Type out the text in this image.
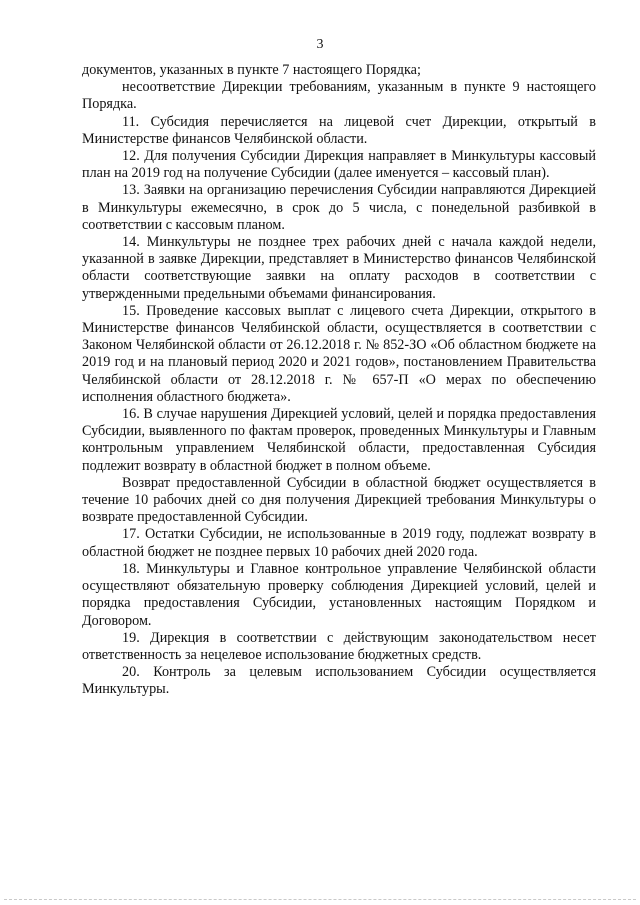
3

документов, указанных в пункте 7 настоящего Порядка;

несоответствие Дирекции требованиям, указанным в пункте 9 настоящего Порядка.

11. Субсидия перечисляется на лицевой счет Дирекции, открытый в Министерстве финансов Челябинской области.

12. Для получения Субсидии Дирекция направляет в Минкультуры кассовый план на 2019 год на получение Субсидии (далее именуется – кассовый план).

13. Заявки на организацию перечисления Субсидии направляются Дирекцией в Минкультуры ежемесячно, в срок до 5 числа, с понедельной разбивкой в соответствии с кассовым планом.

14. Минкультуры не позднее трех рабочих дней с начала каждой недели, указанной в заявке Дирекции, представляет в Министерство финансов Челябинской области соответствующие заявки на оплату расходов в соответствии с утвержденными предельными объемами финансирования.

15. Проведение кассовых выплат с лицевого счета Дирекции, открытого в Министерстве финансов Челябинской области, осуществляется в соответствии с Законом Челябинской области от 26.12.2018 г. № 852-ЗО «Об областном бюджете на 2019 год и на плановый период 2020 и 2021 годов», постановлением Правительства Челябинской области от 28.12.2018 г. № 657-П «О мерах по обеспечению исполнения областного бюджета».

16. В случае нарушения Дирекцией условий, целей и порядка предоставления Субсидии, выявленного по фактам проверок, проведенных Минкультуры и Главным контрольным управлением Челябинской области, предоставленная Субсидия подлежит возврату в областной бюджет в полном объеме.

Возврат предоставленной Субсидии в областной бюджет осуществляется в течение 10 рабочих дней со дня получения Дирекцией требования Минкультуры о возврате предоставленной Субсидии.

17. Остатки Субсидии, не использованные в 2019 году, подлежат возврату в областной бюджет не позднее первых 10 рабочих дней 2020 года.

18. Минкультуры и Главное контрольное управление Челябинской области осуществляют обязательную проверку соблюдения Дирекцией условий, целей и порядка предоставления Субсидии, установленных настоящим Порядком и Договором.

19. Дирекция в соответствии с действующим законодательством несет ответственность за нецелевое использование бюджетных средств.

20. Контроль за целевым использованием Субсидии осуществляется Минкультуры.
